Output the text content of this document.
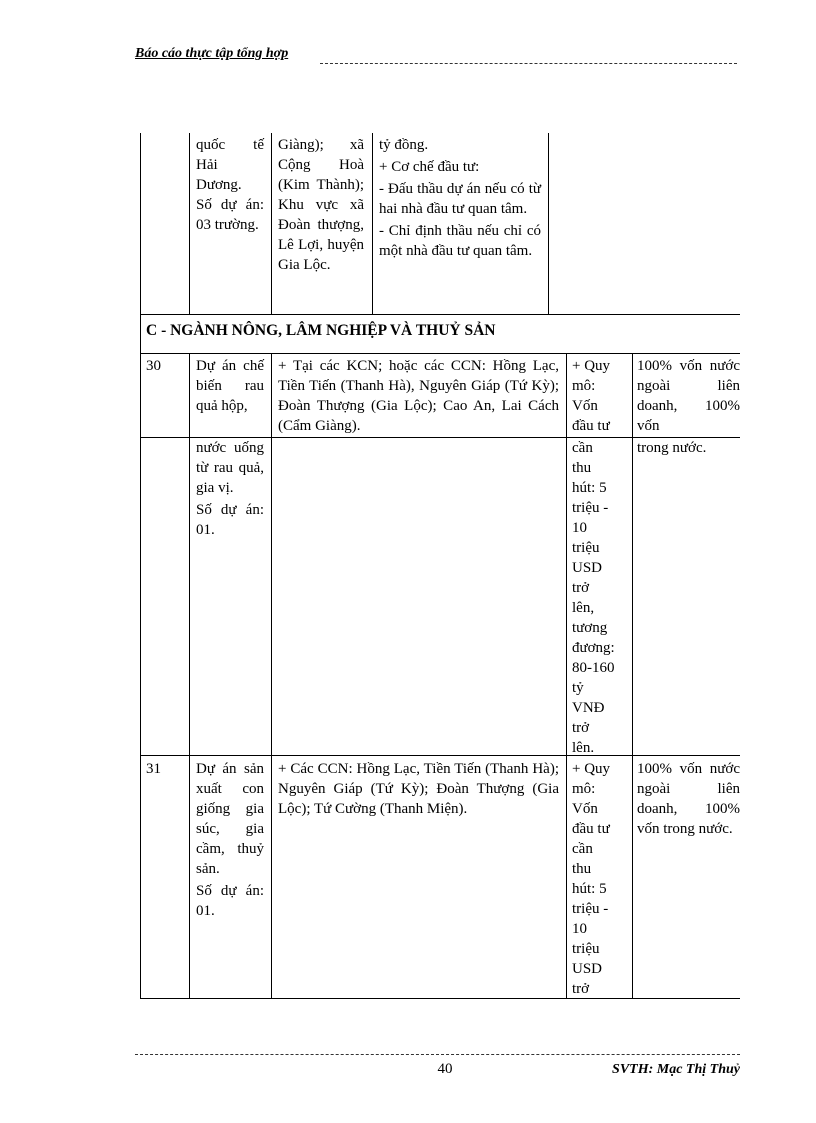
Báo cáo thực tập tổng hợp
quốc tế
Hải Dương.

Số dự án: 03 trường.

Giàng); xã Cộng Hoà (Kim Thành); Khu vực xã Đoàn thượng, Lê Lợi, huyện Gia Lộc.

tỷ đồng.

+ Cơ chế đầu tư:

- Đấu thầu dự án nếu có từ hai nhà đầu tư quan tâm.

- Chỉ định thầu nếu chỉ có một nhà đầu tư quan tâm.

C - NGÀNH NÔNG, LÂM NGHIỆP VÀ THUỶ SẢN
30 Dự án chế biến rau quả hộp,

nước uống từ rau quả, gia vị.

Số dự án: 01.

+ Tại các KCN; hoặc các CCN: Hồng Lạc, Tiền Tiến (Thanh Hà), Nguyên Giáp (Tứ Kỳ); Đoàn Thượng (Gia Lộc); Cao An, Lai Cách (Cẩm Giàng).
+ Quy
mô:
Vốn
đầu tư
cần
thu
hút: 5
triệu -
10
triệu
USD
trở
lên,
tương
đương:
80-160
tỷ
VNĐ
trở
lên.
100% vốn nước ngoài liên doanh, 100% vốn
trong nước.
31 Dự án sản xuất con giống gia súc, gia cầm, thuỷ sản.

Số dự án: 01.

+ Các CCN: Hồng Lạc, Tiền Tiến (Thanh Hà); Nguyên Giáp (Tứ Kỳ); Đoàn Thượng (Gia Lộc); Tứ Cường (Thanh Miện).
+ Quy
mô:
Vốn
đầu tư
cần
thu
hút: 5
triệu -
10
triệu
USD
trở
100% vốn nước ngoài liên doanh, 100% vốn trong nước.
40	SVTH: Mạc Thị Thuỷ
